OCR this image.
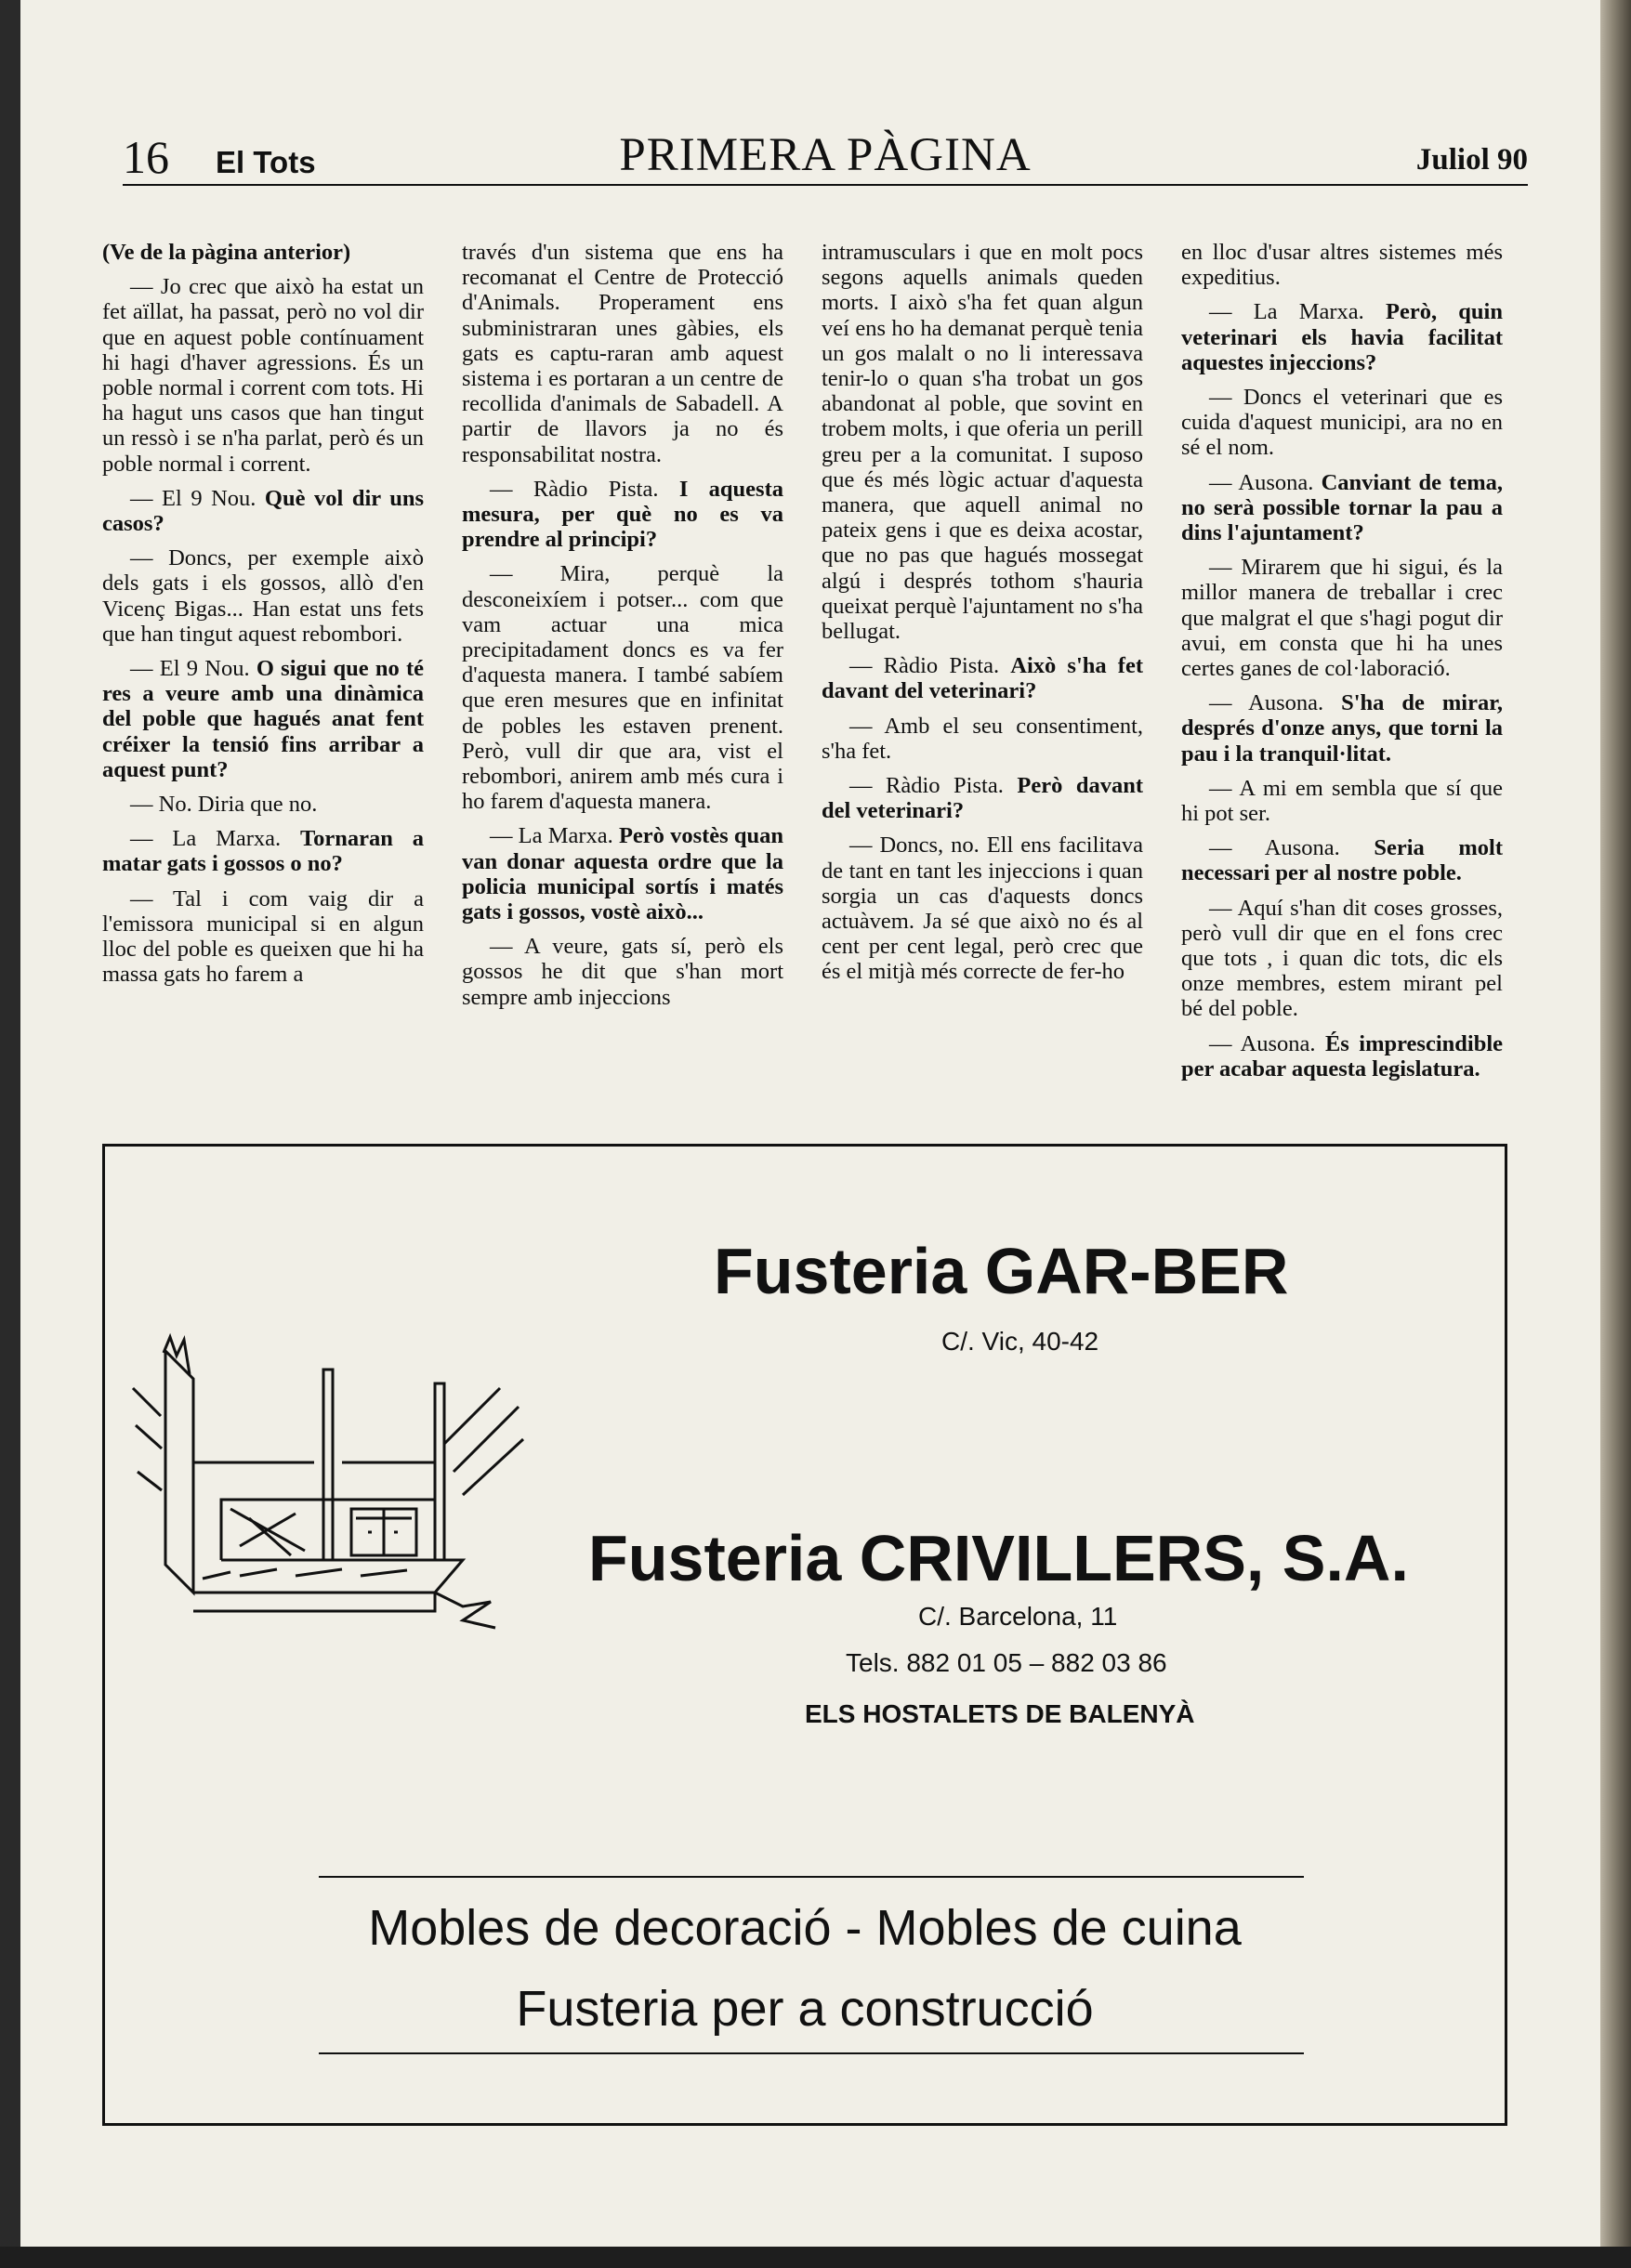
16 El Tots	PRIMERA PÀGINA	Juliol 90

(Ve de la pàgina anterior)

— Jo crec que això ha estat un fet aïllat, ha passat, però no vol dir que en aquest poble contínuament hi hagi d'haver agressions. És un poble normal i corrent com tots. Hi ha hagut uns casos que han tingut un ressò i se n'ha parlat, però és un poble normal i corrent.

— El 9 Nou. Què vol dir uns casos?

— Doncs, per exemple això dels gats i els gossos, allò d'en Vicenç Bigas... Han estat uns fets que han tingut aquest rebombori.

— El 9 Nou. O sigui que no té res a veure amb una dinàmica del poble que hagués anat fent créixer la tensió fins arribar a aquest punt?

— No. Diria que no.

— La Marxa. Tornaran a matar gats i gossos o no?

— Tal i com vaig dir a l'emissora municipal si en algun lloc del poble es queixen que hi ha massa gats ho farem a

través d'un sistema que ens ha recomanat el Centre de Protecció d'Animals. Properament ens subministraran unes gàbies, els gats es captu-raran amb aquest sistema i es portaran a un centre de recollida d'animals de Sabadell. A partir de llavors ja no és responsabilitat nostra.

— Ràdio Pista. I aquesta mesura, per què no es va prendre al principi?

— Mira, perquè la desconeixíem i potser... com que vam actuar una mica precipitadament doncs es va fer d'aquesta manera. I també sabíem que eren mesures que en infinitat de pobles les estaven prenent. Però, vull dir que ara, vist el rebombori, anirem amb més cura i ho farem d'aquesta manera.

— La Marxa. Però vostès quan van donar aquesta ordre que la policia municipal sortís i matés gats i gossos, vostè això...

— A veure, gats sí, però els gossos he dit que s'han mort sempre amb injeccions

intramusculars i que en molt pocs segons aquells animals queden morts. I això s'ha fet quan algun veí ens ho ha demanat perquè tenia un gos malalt o no li interessava tenir-lo o quan s'ha trobat un gos abandonat al poble, que sovint en trobem molts, i que oferia un perill greu per a la comunitat. I suposo que és més lògic actuar d'aquesta manera, que aquell animal no pateix gens i que es deixa acostar, que no pas que hagués mossegat algú i després tothom s'hauria queixat perquè l'ajuntament no s'ha bellugat.

— Ràdio Pista. Això s'ha fet davant del veterinari?

— Amb el seu consentiment, s'ha fet.

— Ràdio Pista. Però davant del veterinari?

— Doncs, no. Ell ens facilitava de tant en tant les injeccions i quan sorgia un cas d'aquests doncs actuàvem. Ja sé que això no és al cent per cent legal, però crec que és el mitjà més correcte de fer-ho

en lloc d'usar altres sistemes més expeditius.

— La Marxa. Però, quin veterinari els havia facilitat aquestes injeccions?

— Doncs el veterinari que es cuida d'aquest municipi, ara no en sé el nom.

— Ausona. Canviant de tema, no serà possible tornar la pau a dins l'ajuntament?

— Mirarem que hi sigui, és la millor manera de treballar i crec que malgrat el que s'hagi pogut dir avui, em consta que hi ha unes certes ganes de col·laboració.

— Ausona. S'ha de mirar, després d'onze anys, que torni la pau i la tranquil·litat.

— A mi em sembla que sí que hi pot ser.

— Ausona. Seria molt necessari per al nostre poble.

— Aquí s'han dit coses grosses, però vull dir que en el fons crec que tots , i quan dic tots, dic els onze membres, estem mirant pel bé del poble.

— Ausona. És imprescindible per acabar aquesta legislatura.

Fusteria GAR-BER
C/. Vic, 40-42
Fusteria CRIVILLERS, S.A.
C/. Barcelona, 11
Tels. 882 01 05 – 882 03 86
ELS HOSTALETS DE BALENYÀ
Mobles de decoració - Mobles de cuina
Fusteria per a construcció
